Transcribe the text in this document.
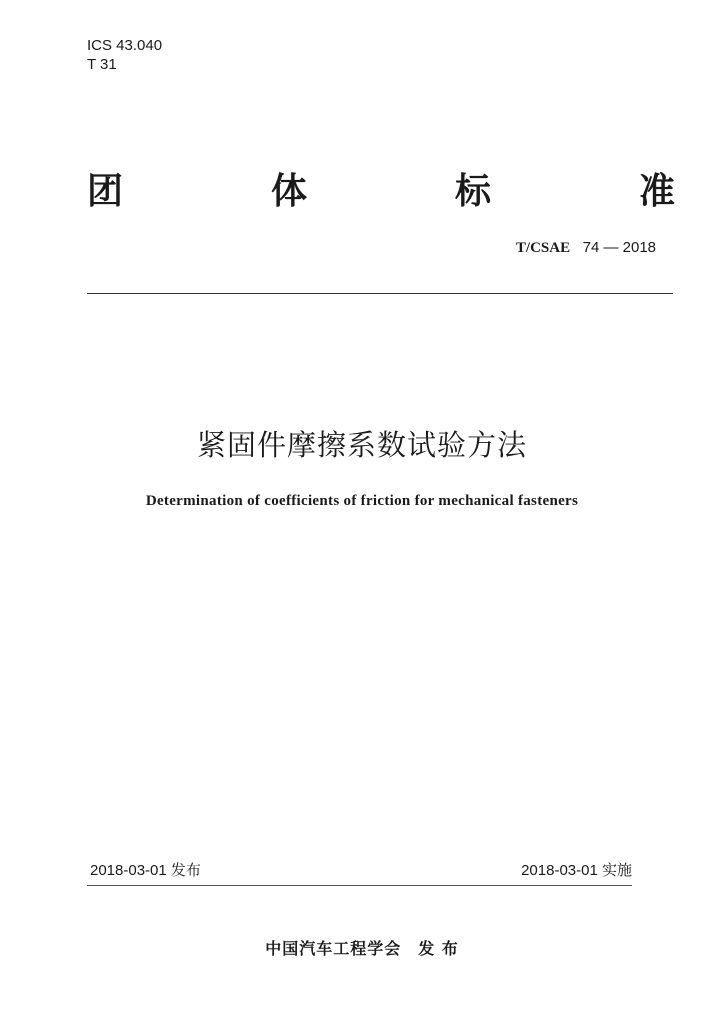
ICS 43.040
T 31
团	体	标	准
T/CSAE 74 — 2018
紧固件摩擦系数试验方法
Determination of coefficients of friction for mechanical fasteners
2018-03-01 发布	2018-03-01 实施
中国汽车工程学会　发 布
